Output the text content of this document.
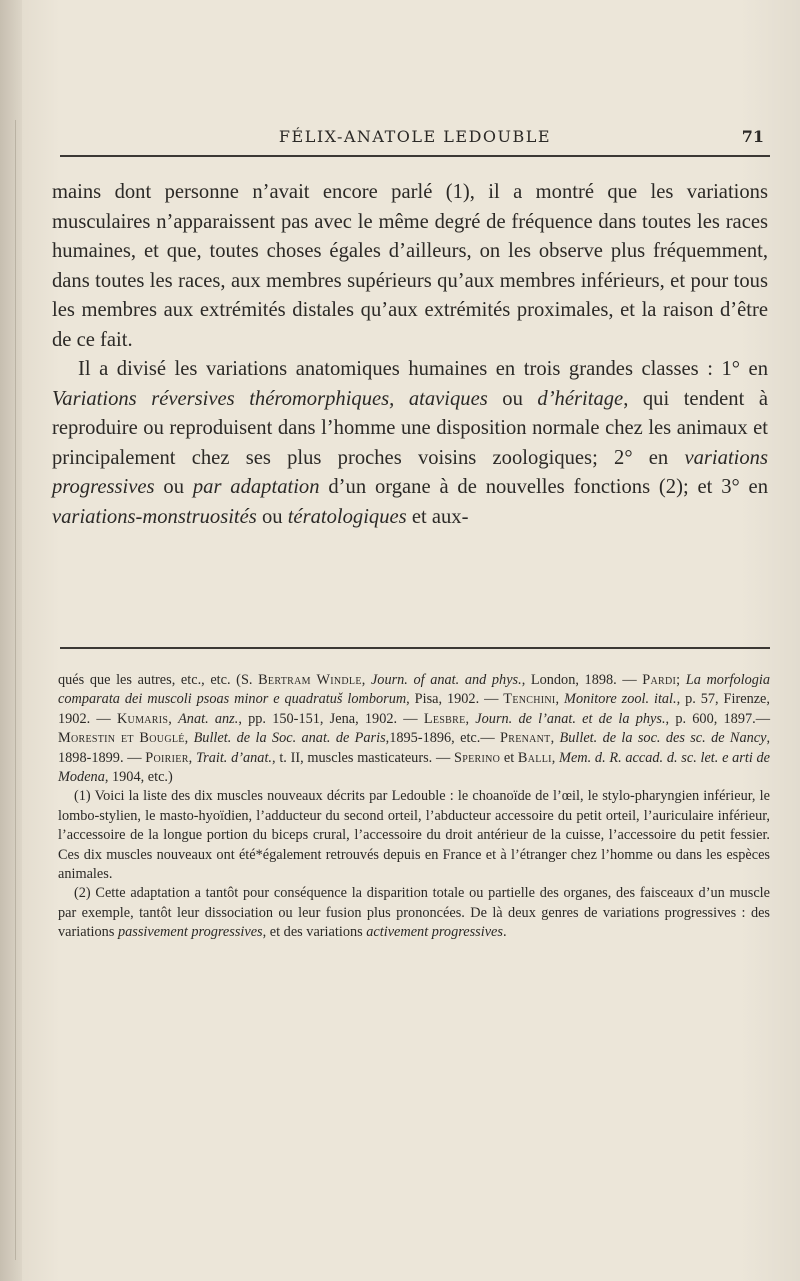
FÉLIX-ANATOLE LEDOUBLE	71

mains dont personne n’avait encore parlé (1), il a montré que les variations musculaires n’apparaissent pas avec le même degré de fréquence dans toutes les races humaines, et que, toutes choses égales d’ailleurs, on les observe plus fréquemment, dans toutes les races, aux membres supérieurs qu’aux membres inférieurs, et pour tous les membres aux extrémités distales qu’aux extrémités proximales, et la raison d’être de ce fait.

Il a divisé les variations anatomiques humaines en trois grandes classes : 1° en Variations réversives théromorphiques, ataviques ou d’héritage, qui tendent à reproduire ou reproduisent dans l’homme une disposition normale chez les animaux et principalement chez ses plus proches voisins zoologiques; 2° en variations progressives ou par adaptation d’un organe à de nouvelles fonctions (2); et 3° en variations-monstruosités ou tératologiques et aux-

qués que les autres, etc., etc. (S. Bertram Windle, Journ. of anat. and phys., London, 1898. — Pardi; La morfologia comparata dei muscoli psoas minor e quadratuš lomborum, Pisa, 1902. — Tenchini, Monitore zool. ital., p. 57, Firenze, 1902. — Kumaris, Anat. anz., pp. 150-151, Jena, 1902. — Lesbre, Journ. de l’anat. et de la phys., p. 600, 1897.— Morestin et Bouglé, Bullet. de la Soc. anat. de Paris,1895-1896, etc.— Prenant, Bullet. de la soc. des sc. de Nancy, 1898-1899. — Poirier, Trait. d’anat., t. II, muscles masticateurs. — Sperino et Balli, Mem. d. R. accad. d. sc. let. e arti de Modena, 1904, etc.)

(1) Voici la liste des dix muscles nouveaux décrits par Ledouble : le choanoïde de l’œil, le stylo-pharyngien inférieur, le lombo-stylien, le masto-hyoïdien, l’adducteur du second orteil, l’abducteur accessoire du petit orteil, l’auriculaire inférieur, l’accessoire de la longue portion du biceps crural, l’accessoire du droit antérieur de la cuisse, l’accessoire du petit fessier. Ces dix muscles nouveaux ont été*également retrouvés depuis en France et à l’étranger chez l’homme ou dans les espèces animales.

(2) Cette adaptation a tantôt pour conséquence la disparition totale ou partielle des organes, des faisceaux d’un muscle par exemple, tantôt leur dissociation ou leur fusion plus prononcées. De là deux genres de variations progressives : des variations passivement progressives, et des variations activement progressives.
